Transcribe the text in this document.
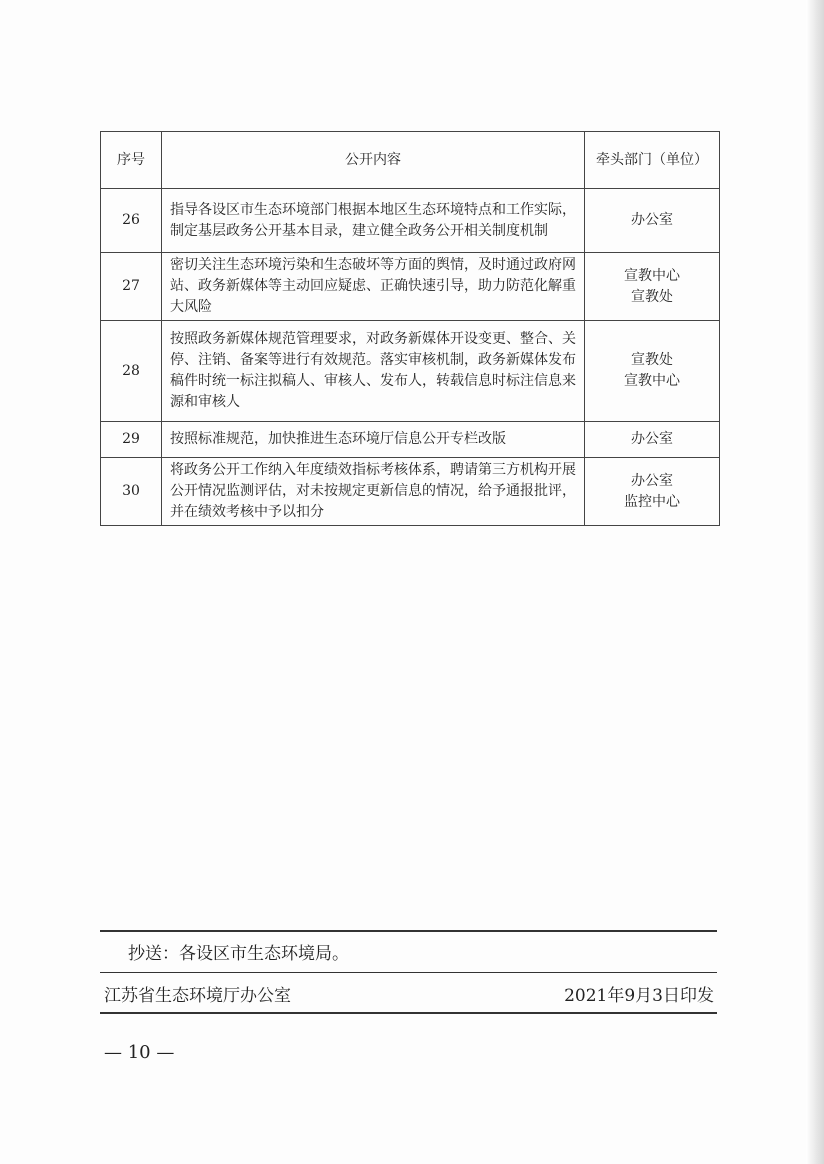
序号	公开内容	牵头部门（单位）
26	指导各设区市生态环境部门根据本地区生态环境特点和工作实际，制定基层政务公开基本目录，建立健全政务公开相关制度机制	办公室

27	密切关注生态环境污染和生态破坏等方面的舆情，及时通过政府网站、政务新媒体等主动回应疑虑、正确快速引导，助力防范化解重大风险	宣教中心
宣教处

28	按照政务新媒体规范管理要求，对政务新媒体开设变更、整合、关停、注销、备案等进行有效规范。落实审核机制，政务新媒体发布稿件时统一标注拟稿人、审核人、发布人，转载信息时标注信息来源和审核人	宣教处
宣教中心

29	按照标准规范，加快推进生态环境厅信息公开专栏改版	办公室

30	将政务公开工作纳入年度绩效指标考核体系，聘请第三方机构开展公开情况监测评估，对未按规定更新信息的情况，给予通报批评，并在绩效考核中予以扣分	办公室
监控中心
抄送：各设区市生态环境局。
江苏省生态环境厅办公室	2021年9月3日印发
— 10 —
